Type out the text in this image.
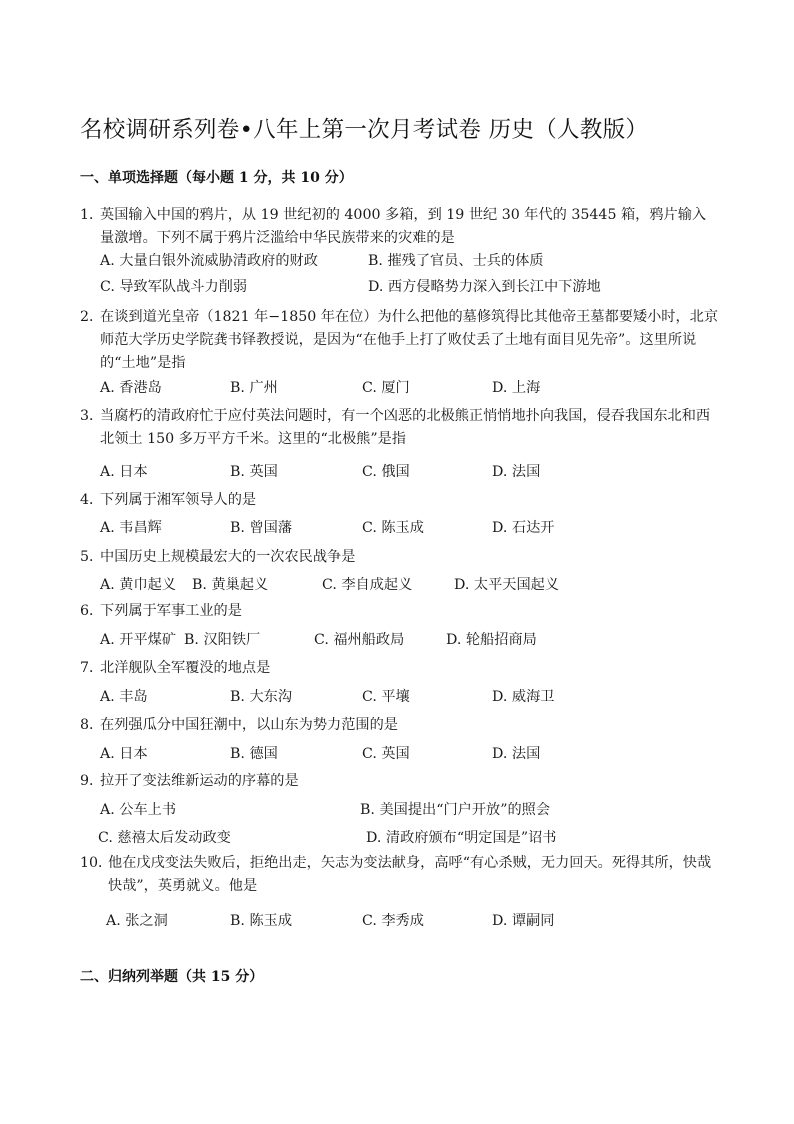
名校调研系列卷•八年上第一次月考试卷 历史（人教版）
一、单项选择题（每小题 1 分，共 10 分）
1．
英国输入中国的鸦片，从 19 世纪初的 4000 多箱，到 19 世纪 30 年代的 35445 箱，鸦片输入量激增。下列不属于鸦片泛滥给中华民族带来的灾难的是
A. 大量白银外流威胁清政府的财政	B. 摧残了官员、士兵的体质
C. 导致军队战斗力削弱	D. 西方侵略势力深入到长江中下游地
2．
在谈到道光皇帝（1821 年−1850 年在位）为什么把他的墓修筑得比其他帝王墓都要矮小时，北京师范大学历史学院龚书铎教授说，是因为“在他手上打了败仗丢了土地有面目见先帝”。这里所说的“土地”是指
A. 香港岛	B. 广州	C. 厦门	D. 上海
3．
当腐朽的清政府忙于应付英法问题时，有一个凶恶的北极熊正悄悄地扑向我国，侵吞我国东北和西北领土 150 多万平方千米。这里的“北极熊”是指
A. 日本	B. 英国	C. 俄国	D. 法国
4．
下列属于湘军领导人的是
A. 韦昌辉	B. 曾国藩	C. 陈玉成	D. 石达开
5．
中国历史上规模最宏大的一次农民战争是
A. 黄巾起义 B. 黄巢起义	C. 李自成起义	D. 太平天国起义
6．
下列属于军事工业的是
A. 开平煤矿 B. 汉阳铁厂	C. 福州船政局	D. 轮船招商局
7．
北洋舰队全军覆没的地点是
A. 丰岛	B. 大东沟	C. 平壤	D. 威海卫
8．
在列强瓜分中国狂潮中，以山东为势力范围的是
A. 日本	B. 德国	C. 英国	D. 法国
9．
拉开了变法维新运动的序幕的是
A. 公车上书	B. 美国提出“门户开放”的照会
C. 慈禧太后发动政变	D. 清政府颁布“明定国是”诏书
10．
他在戊戌变法失败后，拒绝出走，矢志为变法献身，高呼“有心杀贼，无力回天。死得其所，快哉快哉”，英勇就义。他是
A. 张之洞	B. 陈玉成	C. 李秀成	D. 谭嗣同
二、归纳列举题（共 15 分）
